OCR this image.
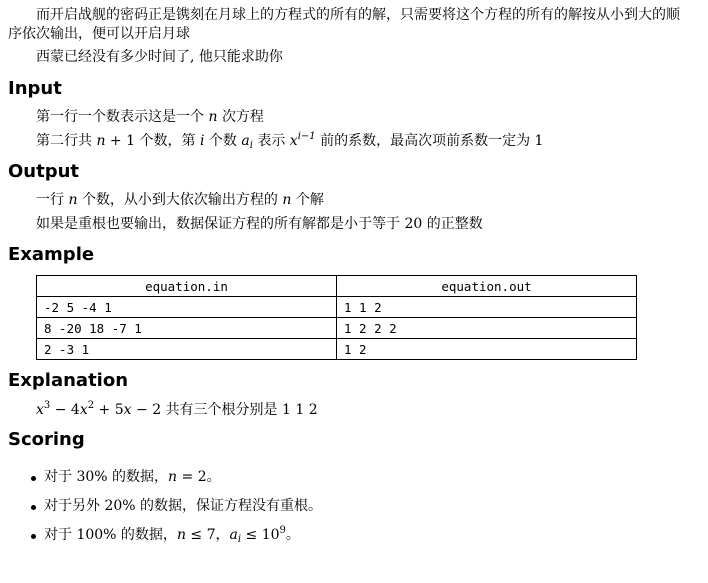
而开启战舰的密码正是镌刻在月球上的方程式的所有的解，只需要将这个方程的所有的解按从小到大的顺序依次输出，便可以开启月球
西蒙已经没有多少时间了, 他只能求助你
Input
第一行一个数表示这是一个 n 次方程
第二行共 n + 1 个数，第 i 个数 $a_i$ 表示 $x^{i-1}$ 前的系数，最高次项前系数一定为 1
Output
一行 n 个数，从小到大依次输出方程的 n 个解
如果是重根也要输出，数据保证方程的所有解都是小于等于 20 的正整数
Example
equation.in	equation.out
-2 5 -4 1	1 1 2
8 -20 18 -7 1	1 2 2 2
2 -3 1	1 2
Explanation
$x^3 - 4x^2 + 5x - 2$ 共有三个根分别是 1 1 2
Scoring
对于 30% 的数据，n = 2。
对于另外 20% 的数据，保证方程没有重根。
对于 100% 的数据，n ≤ 7，$a_i \le 10^9$。
